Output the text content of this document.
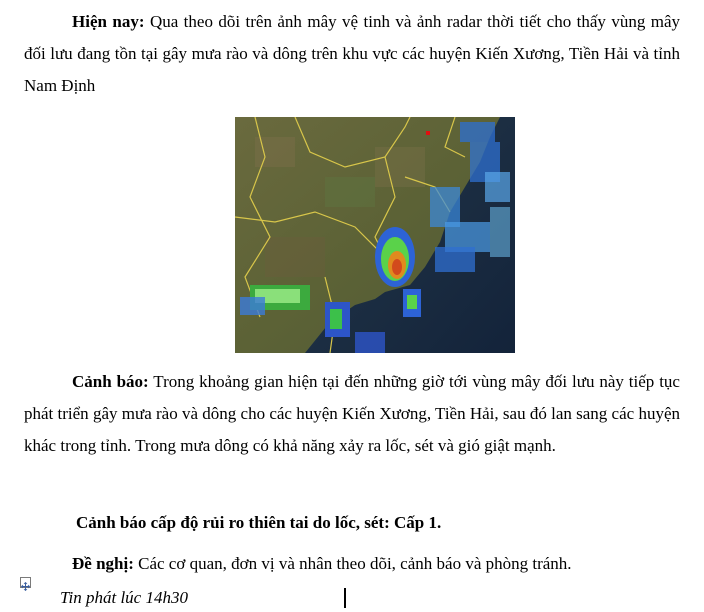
Hiện nay: Qua theo dõi trên ảnh mây vệ tinh và ảnh radar thời tiết cho thấy vùng mây đối lưu đang tồn tại gây mưa rào và dông trên khu vực các huyện Kiến Xương, Tiền Hải và tỉnh Nam Định

Cảnh báo: Trong khoảng gian hiện tại đến những giờ tới vùng mây đối lưu này tiếp tục phát triển gây mưa rào và dông cho các huyện Kiến Xương, Tiền Hải, sau đó lan sang các huyện khác trong tỉnh. Trong mưa dông có khả năng xảy ra lốc, sét và gió giật mạnh.

Cảnh báo cấp độ rủi ro thiên tai do lốc, sét: Cấp 1.

Đề nghị: Các cơ quan, đơn vị và nhân theo dõi, cảnh báo và phòng tránh.

Tin phát lúc 14h30
